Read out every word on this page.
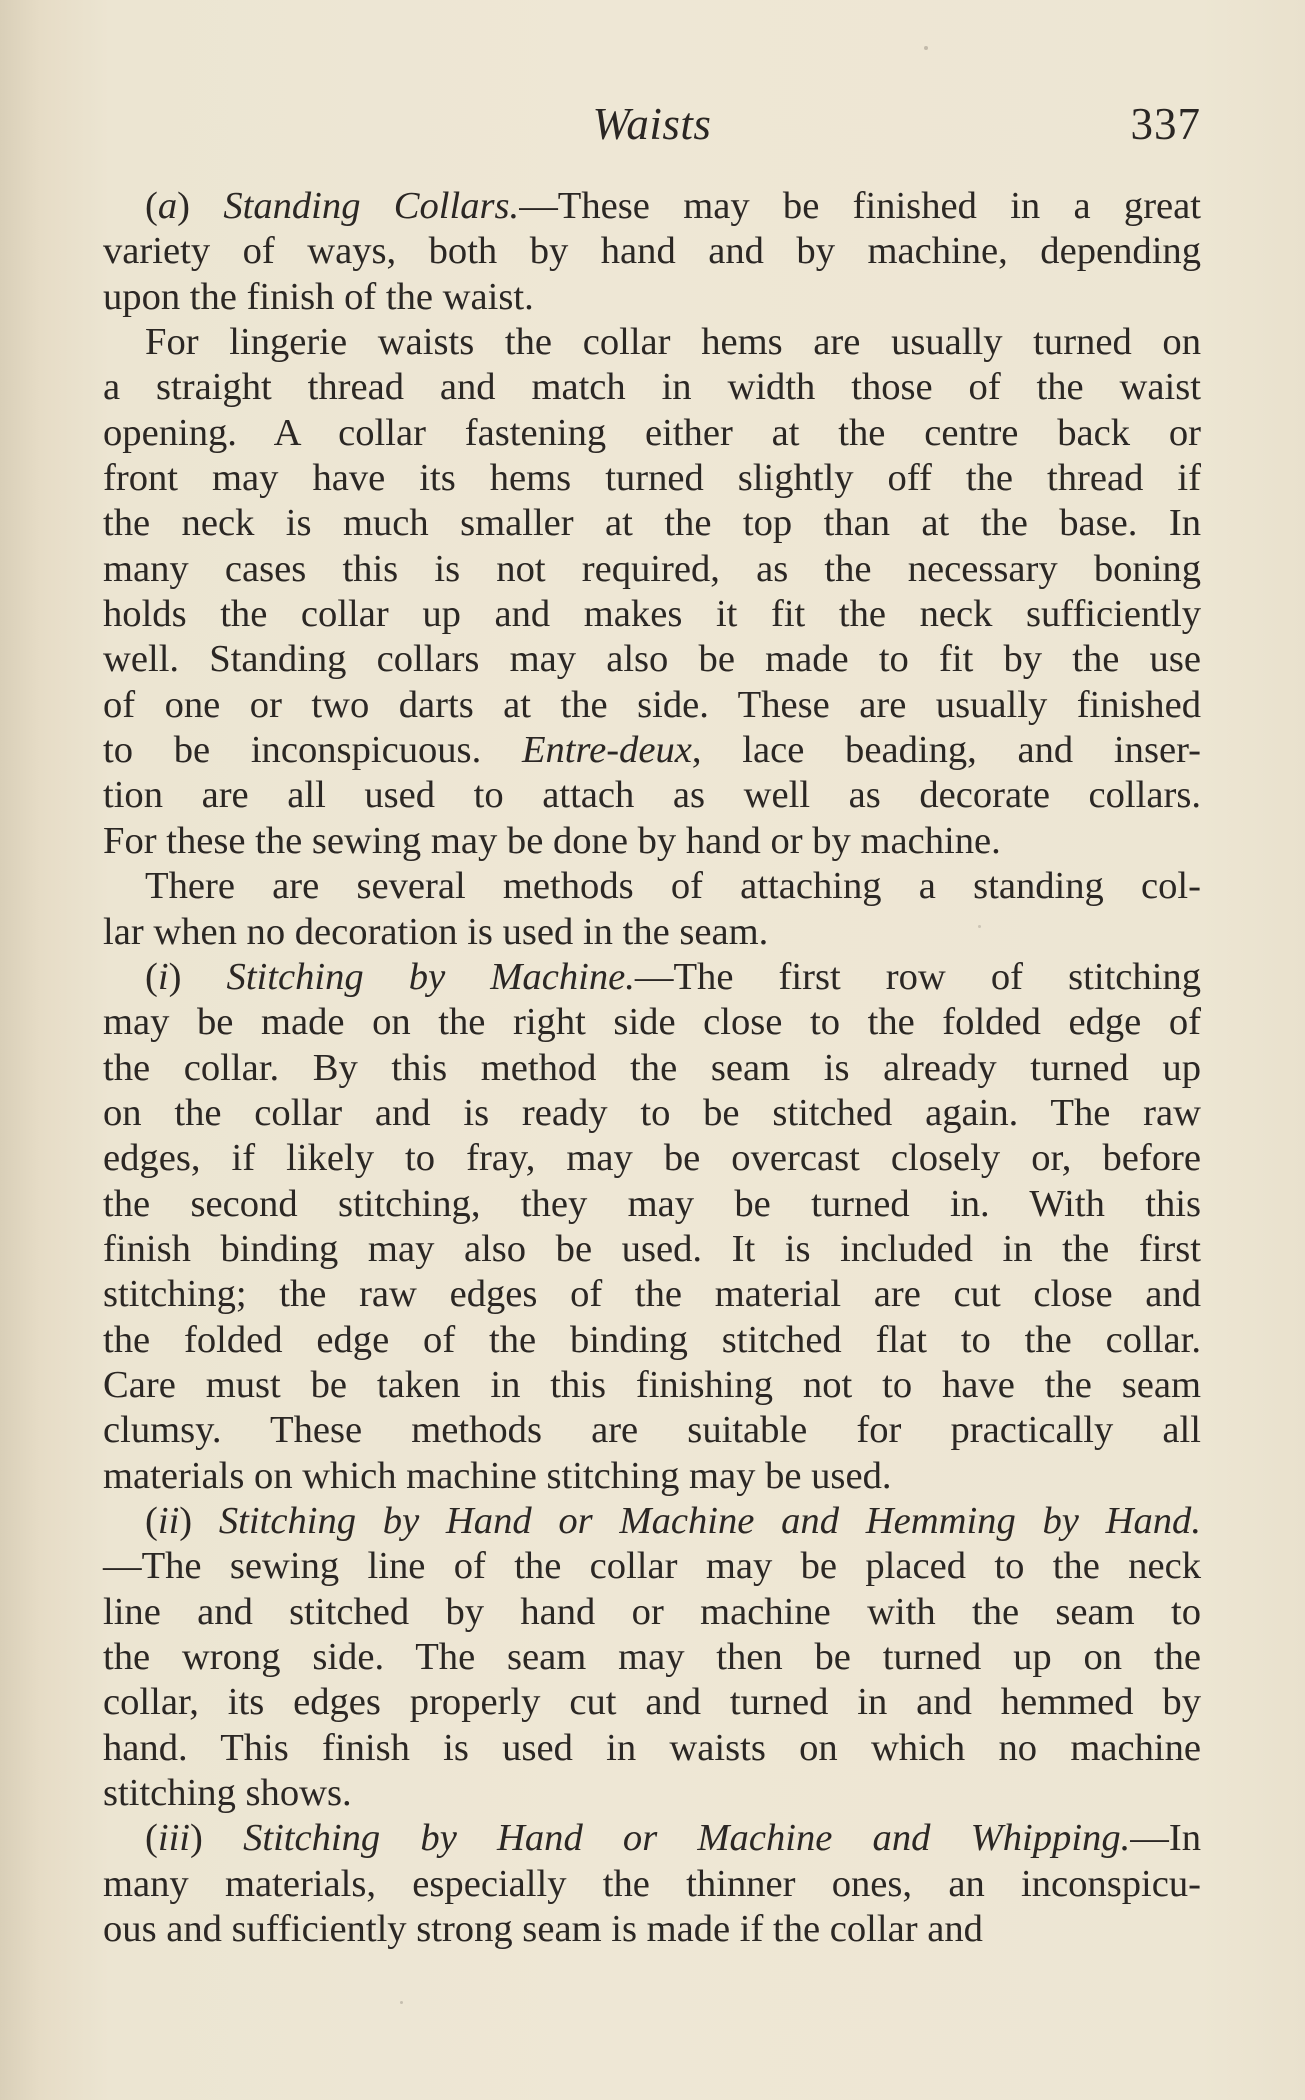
Waists	337
(a) Standing Collars.—These may be finished in a great
variety of ways, both by hand and by machine, depending
upon the finish of the waist.
For lingerie waists the collar hems are usually turned on
a straight thread and match in width those of the waist
opening. A collar fastening either at the centre back or
front may have its hems turned slightly off the thread if
the neck is much smaller at the top than at the base. In
many cases this is not required, as the necessary boning
holds the collar up and makes it fit the neck sufficiently
well. Standing collars may also be made to fit by the use
of one or two darts at the side. These are usually finished
to be inconspicuous. Entre-deux, lace beading, and inser-
tion are all used to attach as well as decorate collars.
For these the sewing may be done by hand or by machine.
There are several methods of attaching a standing col-
lar when no decoration is used in the seam.
(i) Stitching by Machine.—The first row of stitching
may be made on the right side close to the folded edge of
the collar. By this method the seam is already turned up
on the collar and is ready to be stitched again. The raw
edges, if likely to fray, may be overcast closely or, before
the second stitching, they may be turned in. With this
finish binding may also be used. It is included in the first
stitching; the raw edges of the material are cut close and
the folded edge of the binding stitched flat to the collar.
Care must be taken in this finishing not to have the seam
clumsy. These methods are suitable for practically all
materials on which machine stitching may be used.
(ii) Stitching by Hand or Machine and Hemming by Hand.
—The sewing line of the collar may be placed to the neck
line and stitched by hand or machine with the seam to
the wrong side. The seam may then be turned up on the
collar, its edges properly cut and turned in and hemmed by
hand. This finish is used in waists on which no machine
stitching shows.
(iii) Stitching by Hand or Machine and Whipping.—In
many materials, especially the thinner ones, an inconspicu-
ous and sufficiently strong seam is made if the collar and
